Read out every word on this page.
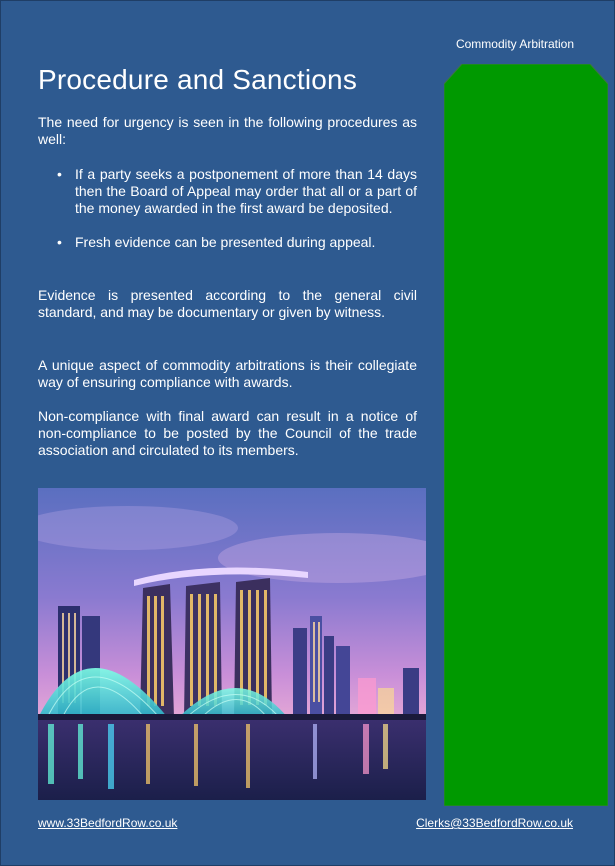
Commodity Arbitration
Procedure and Sanctions

The need for urgency is seen in the following procedures as well:

• If a party seeks a postponement of more than 14 days then the Board of Appeal may order that all or a part of the money awarded in the first award be deposited.
• Fresh evidence can be presented during appeal.

Evidence is presented according to the general civil standard, and may be documentary or given by witness.

A unique aspect of commodity arbitrations is their collegiate way of ensuring compliance with awards.

Non-compliance with final award can result in a notice of non-compliance to be posted by the Council of the trade association and circulated to its members.

www.33BedfordRow.co.uk	Clerks@33BedfordRow.co.uk
